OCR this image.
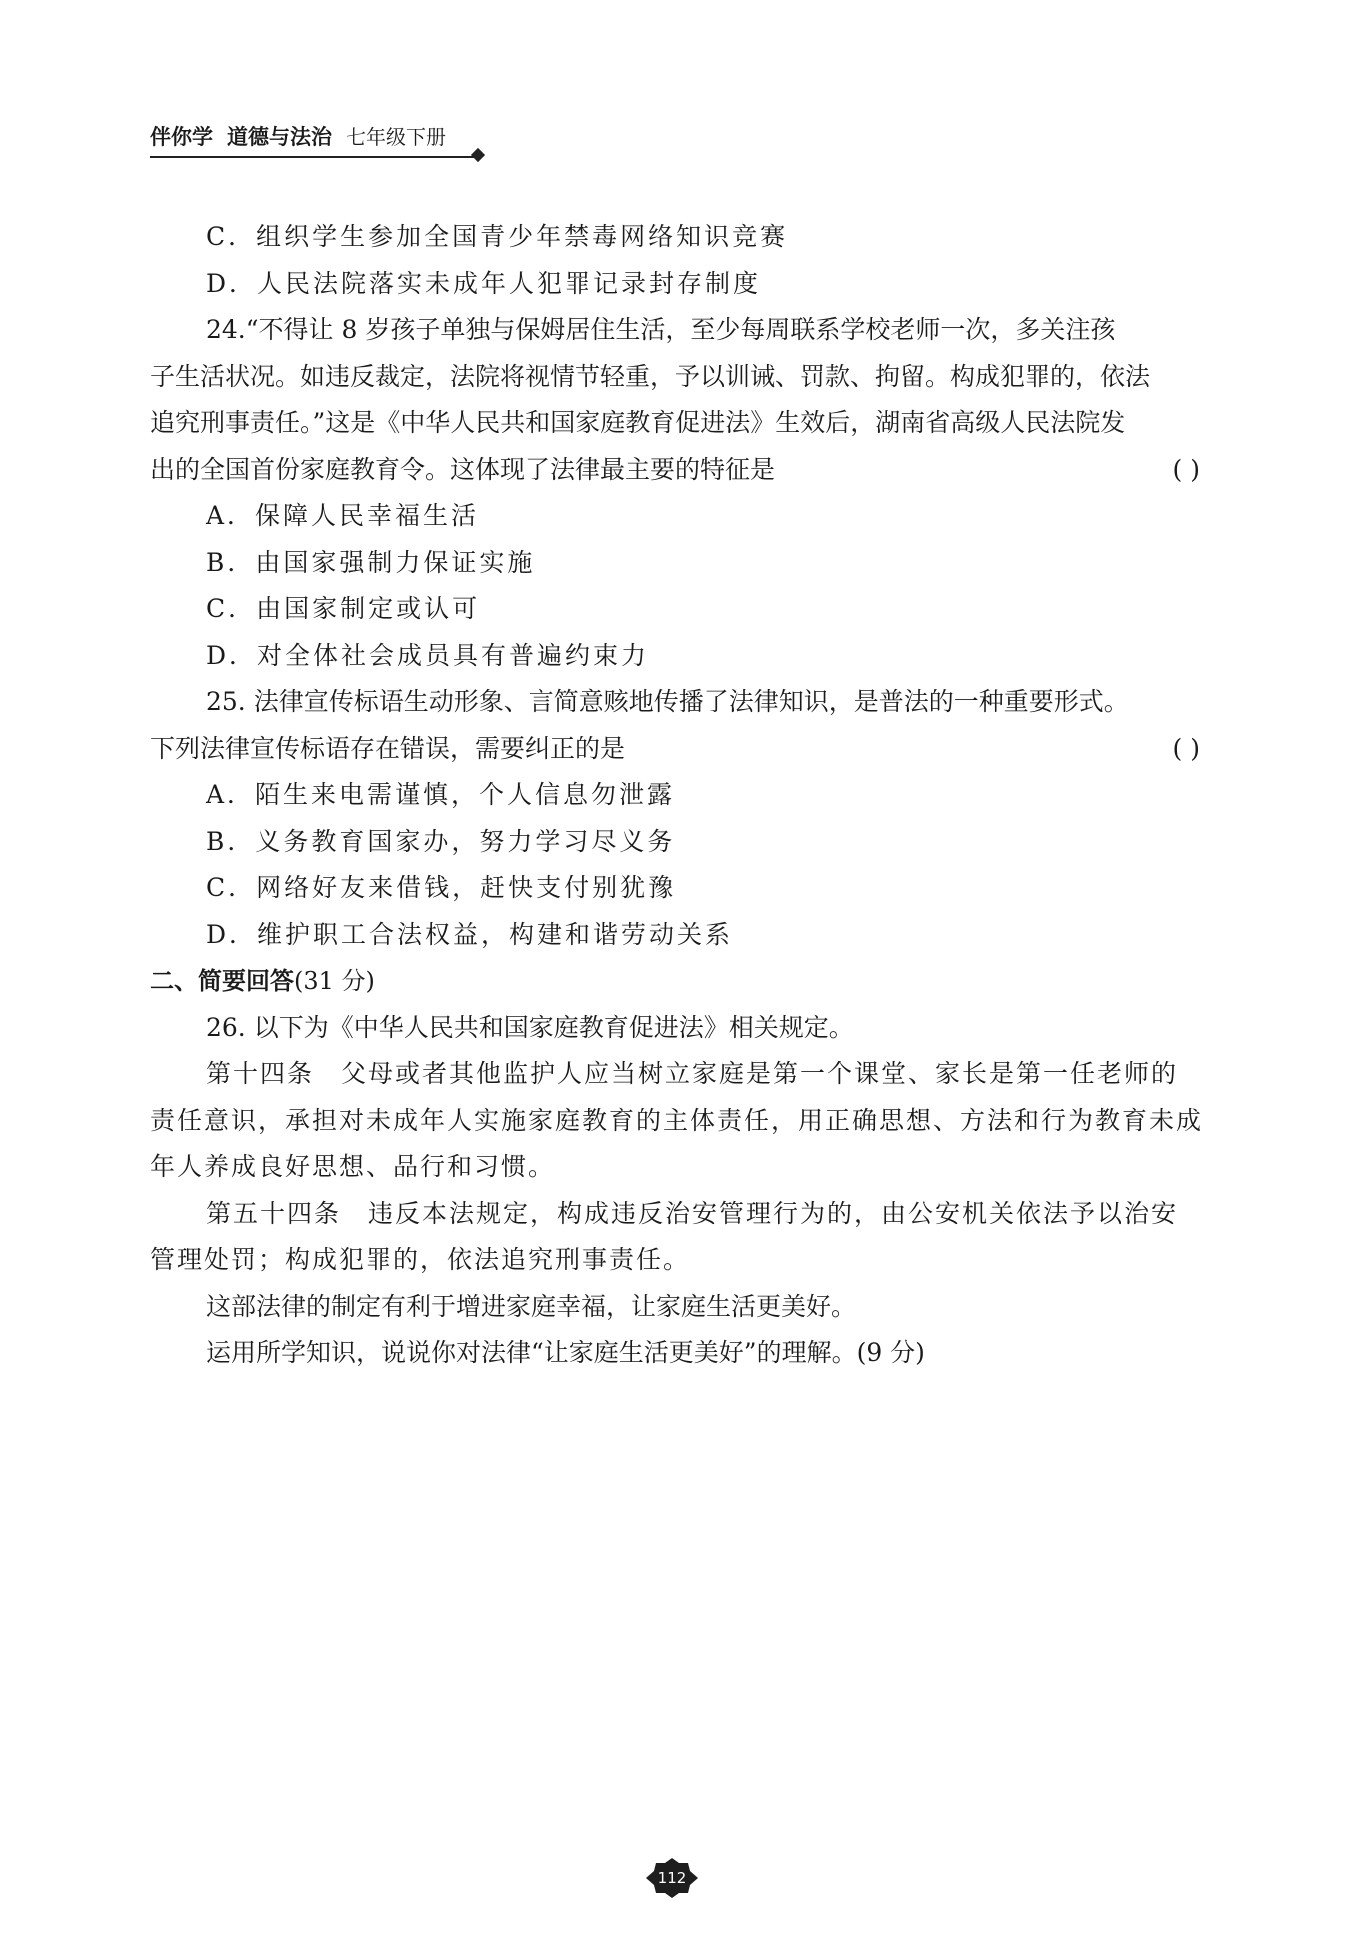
伴你学 道德与法治 七年级下册
C．组织学生参加全国青少年禁毒网络知识竞赛
D．人民法院落实未成年人犯罪记录封存制度
24.“不得让 8 岁孩子单独与保姆居住生活，至少每周联系学校老师一次，多关注孩
子生活状况。如违反裁定，法院将视情节轻重，予以训诫、罚款、拘留。构成犯罪的，依法
追究刑事责任。”这是《中华人民共和国家庭教育促进法》生效后，湖南省高级人民法院发
出的全国首份家庭教育令。这体现了法律最主要的特征是	( )
A．保障人民幸福生活
B．由国家强制力保证实施
C．由国家制定或认可
D．对全体社会成员具有普遍约束力
25. 法律宣传标语生动形象、言简意赅地传播了法律知识，是普法的一种重要形式。
下列法律宣传标语存在错误，需要纠正的是	( )
A．陌生来电需谨慎，个人信息勿泄露
B．义务教育国家办，努力学习尽义务
C．网络好友来借钱，赶快支付别犹豫
D．维护职工合法权益，构建和谐劳动关系
二、简要回答(31 分)
26. 以下为《中华人民共和国家庭教育促进法》相关规定。
第十四条　父母或者其他监护人应当树立家庭是第一个课堂、家长是第一任老师的
责任意识，承担对未成年人实施家庭教育的主体责任，用正确思想、方法和行为教育未成
年人养成良好思想、品行和习惯。
第五十四条　违反本法规定，构成违反治安管理行为的，由公安机关依法予以治安
管理处罚；构成犯罪的，依法追究刑事责任。
这部法律的制定有利于增进家庭幸福，让家庭生活更美好。
运用所学知识，说说你对法律“让家庭生活更美好”的理解。(9 分)
112
